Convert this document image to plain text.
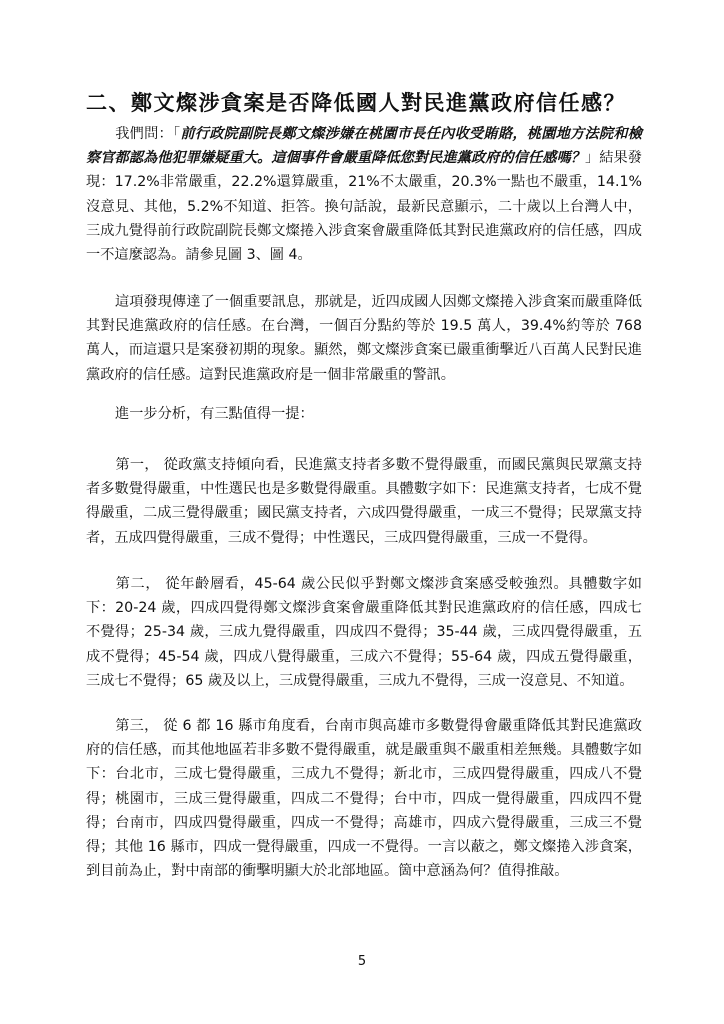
二、鄭文燦涉貪案是否降低國人對民進黨政府信任感？

我們問：「前行政院副院長鄭文燦涉嫌在桃園市長任內收受賄賂，桃園地方法院和檢察官都認為他犯罪嫌疑重大。這個事件會嚴重降低您對民進黨政府的信任感嗎？」結果發現：17.2%非常嚴重，22.2%還算嚴重，21%不太嚴重，20.3%一點也不嚴重，14.1%沒意見、其他，5.2%不知道、拒答。換句話說，最新民意顯示，二十歲以上台灣人中，三成九覺得前行政院副院長鄭文燦捲入涉貪案會嚴重降低其對民進黨政府的信任感，四成一不這麼認為。請參見圖 3、圖 4。

這項發現傳達了一個重要訊息，那就是，近四成國人因鄭文燦捲入涉貪案而嚴重降低其對民進黨政府的信任感。在台灣，一個百分點約等於 19.5 萬人，39.4%約等於 768 萬人，而這還只是案發初期的現象。顯然，鄭文燦涉貪案已嚴重衝擊近八百萬人民對民進黨政府的信任感。這對民進黨政府是一個非常嚴重的警訊。

進一步分析，有三點值得一提：

第一， 從政黨支持傾向看，民進黨支持者多數不覺得嚴重，而國民黨與民眾黨支持者多數覺得嚴重，中性選民也是多數覺得嚴重。具體數字如下：民進黨支持者，七成不覺得嚴重，二成三覺得嚴重；國民黨支持者，六成四覺得嚴重，一成三不覺得；民眾黨支持者，五成四覺得嚴重，三成不覺得；中性選民，三成四覺得嚴重，三成一不覺得。

第二， 從年齡層看，45-64 歲公民似乎對鄭文燦涉貪案感受較強烈。具體數字如下：20-24 歲，四成四覺得鄭文燦涉貪案會嚴重降低其對民進黨政府的信任感，四成七不覺得；25-34 歲，三成九覺得嚴重，四成四不覺得；35-44 歲，三成四覺得嚴重，五成不覺得；45-54 歲，四成八覺得嚴重，三成六不覺得；55-64 歲，四成五覺得嚴重，三成七不覺得；65 歲及以上，三成覺得嚴重，三成九不覺得，三成一沒意見、不知道。

第三， 從 6 都 16 縣市角度看，台南市與高雄市多數覺得會嚴重降低其對民進黨政府的信任感，而其他地區若非多數不覺得嚴重，就是嚴重與不嚴重相差無幾。具體數字如下：台北市，三成七覺得嚴重，三成九不覺得；新北市，三成四覺得嚴重，四成八不覺得；桃園市，三成三覺得嚴重，四成二不覺得；台中市，四成一覺得嚴重，四成四不覺得；台南市，四成四覺得嚴重，四成一不覺得；高雄市，四成六覺得嚴重，三成三不覺得；其他 16 縣市，四成一覺得嚴重，四成一不覺得。一言以蔽之，鄭文燦捲入涉貪案，到目前為止，對中南部的衝擊明顯大於北部地區。箇中意涵為何？值得推敲。

5
